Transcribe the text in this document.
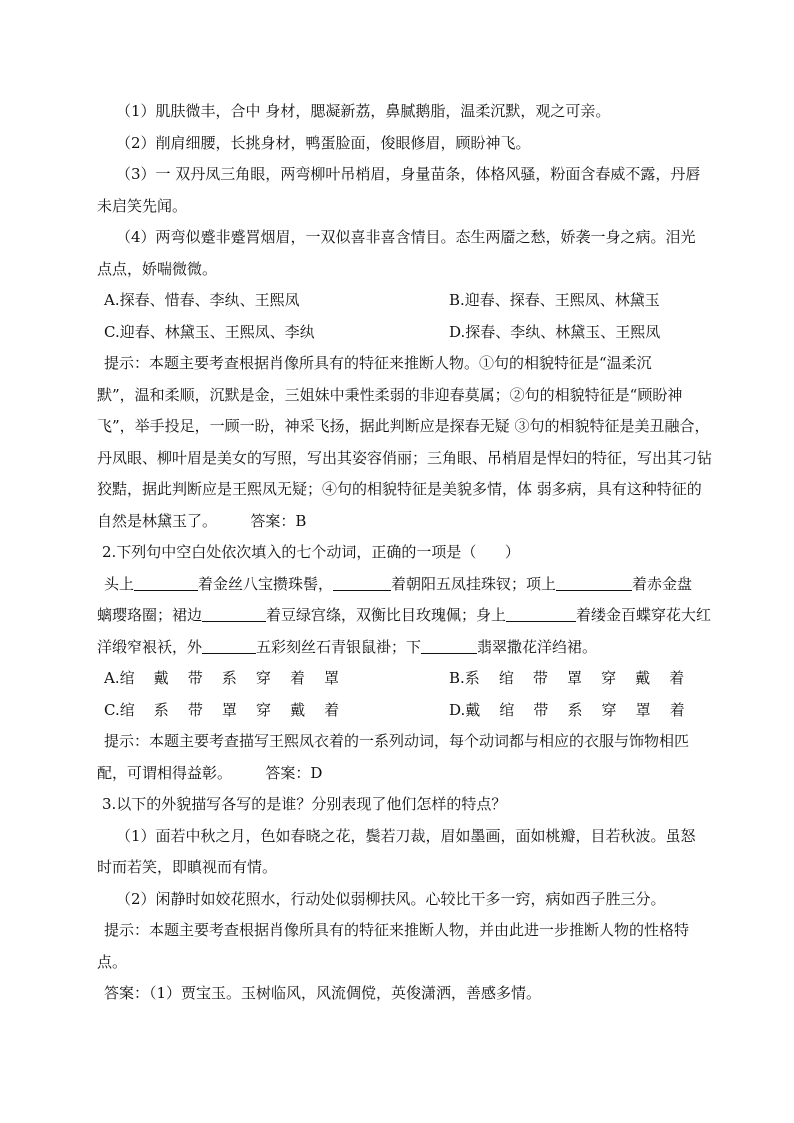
（1）肌肤微丰，合中 身材，腮凝新荔，鼻腻鹅脂，温柔沉默，观之可亲。

（2）削肩细腰，长挑身材，鸭蛋脸面，俊眼修眉，顾盼神飞。

（3）一 双丹凤三角眼，两弯柳叶吊梢眉，身量苗条，体格风骚，粉面含春威不露，丹唇

未启笑先闻。

（4）两弯似蹙非蹙罥烟眉，一双似喜非喜含情目。态生两靥之愁，娇袭一身之病。泪光

点点，娇喘微微。

A.探春、惜春、李纨、王熙凤	B.迎春、探春、王熙凤、林黛玉
C.迎春、林黛玉、王熙凤、李纨	D.探春、李纨、林黛玉、王熙凤

提示：本题主要考查根据肖像所具有的特征来推断人物。①句的相貌特征是“温柔沉

默”，温和柔顺，沉默是金，三姐妹中秉性柔弱的非迎春莫属；②句的相貌特征是“顾盼神

飞”，举手投足，一顾一盼，神采飞扬，据此判断应是探春无疑 ③句的相貌特征是美丑融合，

丹凤眼、柳叶眉是美女的写照，写出其姿容俏丽；三角眼、吊梢眉是悍妇的特征，写出其刁钻

狡黠，据此判断应是王熙凤无疑；④句的相貌特征是美貌多情，体 弱多病，具有这种特征的

自然是林黛玉了。       答案：B

2.下列句中空白处依次填入的七个动词，正确的一项是（      ）

头上	着金丝八宝攒珠髻，	着朝阳五凤挂珠钗；项上	着赤金盘

螭璎珞圈；裙边	着豆绿宫绦，双衡比目玫瑰佩；身上	着缕金百蝶穿花大红

洋缎窄裉袄，外	五彩刻丝石青银鼠褂；下	翡翠撒花洋绉裙。

A.绾    戴    带    系    穿    着    罩	B.系    绾    带    罩    穿    戴    着
C.绾    系    带    罩    穿    戴    着	D.戴    绾    带    系    穿    罩    着

提示：本题主要考查描写王熙凤衣着的一系列动词，每个动词都与相应的衣服与饰物相匹

配，可谓相得益彰。       答案：D

3.以下的外貌描写各写的是谁？分别表现了他们怎样的特点？

（1）面若中秋之月，色如春晓之花，鬓若刀裁，眉如墨画，面如桃瓣，目若秋波。虽怒

时而若笑，即瞋视而有情。

（2）闲静时如姣花照水，行动处似弱柳扶风。心较比干多一窍，病如西子胜三分。

提示：本题主要考查根据肖像所具有的特征来推断人物，并由此进一步推断人物的性格特

点。

答案：（1）贾宝玉。玉树临风，风流倜傥，英俊潇洒，善感多情。
